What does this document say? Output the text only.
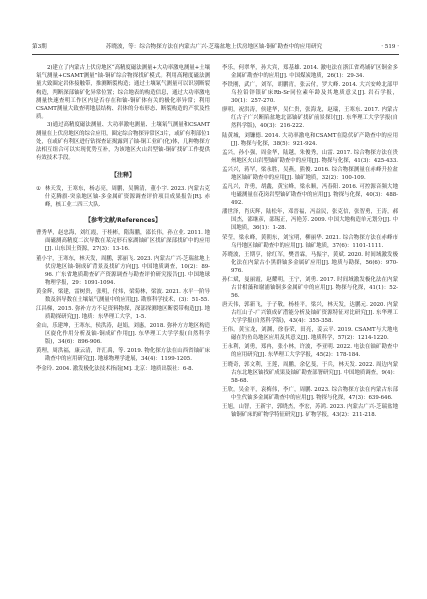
第3期	苏晓波，等：综合物探方法在内蒙古广兴-芝瑞盆地上伏房地区铀-铜矿勘查中的应用研究	· 519 ·

2)建立了内蒙古上伏房地区“高精度磁法测量+大功率激电测量+土壤氡气测量+CSAMT测量”铀-铜矿综合物探找矿模式。利用高精度磁法测量大致圈定岩体接触带，推测断裂构造；通过土壤氡气测量可以识别断裂构造，判断深部铀矿化异常位置；综合地表的构造信息，通过大功率激电测量快速查明工作区内是否存在和铀-铜矿体有关的极化率异常；利用CSAMT测量大致查明地层结构、岩体的分布形态、断裂构造的产状及性质。

3)通过高精度磁法测量、大功率激电测量、土壤氡气测量和CSAMT测量在上伏房地区的综合应用，圈定综合物探异常区3片，或矿有利部位1处，在或矿有利区进行钻探查证揭露到了铀-铜工业矿(化)体，几种物探方法相互组合可以实现优势互补，为该地区火山岩型铀-铜矿找矿工作提供有效技术手段。

【 注释 】
① 林天发，王寒东，杨志亮，周鹏，吴腾清，董小宇. 2023. 内蒙古克什克腾旗-突泉地区铀-多金属矿资源调查评价项目成果报告[R]. 赤峰，核工业二四三大队.
【 参考文献/References 】

曹秀华，赵忠海，刘红霞，于桂彬，隋海鹏，邵长伟，孙立业. 2011. 地面磁测高精度二次导数在某完形石家湖铀矿区找矿深部找矿中的应用[J]. 山东国土资源，27(3)：13-16.

董小宇，王寒东，林天发，周鹏，郭丽飞. 2023. 内蒙古广兴-芝瑞盆地上伏房地区铀-铜成矿背景及找矿方向[J]. 中国地质调查，10(2)：89-96. 广东省地质勘查矿产资源调查与勘查评价研究报告[J]. 中国地球物理学报，29：1091-1094.

黄金辉，梁建，雷树贵，张明，付炜，梁菊林，梁波. 2021. 水平一阶导数及斜导数在土壤氡气测量中的应用[J]. 勘察科学技术，(3)：51-55.

江昌梯，2015. 弥补方方不足资料物探，深部探测地区断裂带构造[J]. 地质勘探研究[J]. 地质：东华理工大学，1-5.

金山，乐建坤，王寒东，侯洪涛，赵娟，刘惠，2018. 弥补方方地区构造区旋化作用分析及铀-铜成矿作用[J]. 东华理工大学学报(自然科学版)，34(6)：896-906.

黄理，周洪福，康云清，许汇禹，等. 2019. 物化探方法在山西省铀矿床勘查中的应用研究[J]. 地球物理学进展，34(4)：1199-1205.

李金玲. 2004. 激发极化法技术指南[M]. 北京：地质出版社：6-8.

李乐，何翠华，孙大宾，郑基雄. 2014. 激电法在浙江省鸡铺矿区铜金多金属矿勘查中的应用[J]. 中国煤炭地质，26(1)：29-34.

李铁刚，武广，刘军，胡鹏宵，张云付，罗大峰. 2014. 大兴安岭北部甲乌拉铅锌银矿床Rb-Sr同位素年龄及其地质意义[J]. 岩石学报，30(1)：257-270.

廖明，祝洪涛，侯建华，吴仁贵，张海龙，赵瑞，王寒东. 2017. 内蒙古红古子广兴断陷盆地北部铀矿找矿前景探讨[J]. 东华理工大学学报(自然科学版)，40(3)：216-222.

陆黄城，刘镰德. 2014. 大功率激电和CSAMT在隐伏矿产勘查中的应用[J]. 物探与化探，38(5)：921-924.

孟兴，孙小强，周金华，陆越，朱俊秀，山雷. 2017. 综合物探方法在贵州地区火山岩型铀矿勘查中的应用[J]. 物探与化探，41(3)：425-433.

孟兴兴，蒋罕，梁永胜，吴燕，熊俊. 2016. 综合物探测量在赤峰升拉盆地区铀矿勘查中的应用[J]. 铀矿地质，32(2)：100-109.

孟凡兴，许勇，胡鑫，黄宝峰，梁永顺，冯春阳. 2016. 可控源音频大地电磁测量在花岗岩型铀矿勘查中的应用[J]. 物探与化探，40(3)：488-492.

潘世泽，肖庆辉，陆松年，邓晋福，冯益民，张克信，张智勇，王涛，郝国杰，邵继彦，邵锡正，冯艳芳. 2009. 中国大地构造单元划分[J]. 中国地质，36(1)：1-28.

荣莹，梁永峰，黄朝东，刘宝明，柳丽华. 2021. 综合物探方法在赤峰市乌丹地区铀矿勘查中的应用[J]. 铀矿地质，37(6)：1101-1111.

苏晓波，王期亨，徐红军，樊晋霖，马振宇，黄斌. 2020. 时间域激发极化法在内蒙古小黑群铀多金属矿应用[J]. 地质与勘探，56(6)：970-976.

孙仁斌，曼丽霞，赵耀明，王宁，刘勇. 2017. 时间域激发极化法在内蒙古甘柑藻和谢浦铀铜多金属矿中的应用[J]. 物探与化探，41(1)：52-56.

唐天伟，郭新飞，于子敬，杨桂平，梁兴，林天发，达鹏元. 2020. 内蒙古红山子-广兴镇成矿潜能分析及铀矿资源特征对比研究[J]. 东华理工大学学报(自然科学版)，43(4)：355-358.

王伟，黄宝龙，刘渊，徐春荣，田亮，姜云平. 2019. CSAMT与大地电磁在钓鱼岛地区应用及其意义[J]. 地质科学，57(2)：1214-1220.

王永利，刘勇，郑冉，张小林，许波，李亚明. 2022. 电法在铀矿勘查中的应用研究[J]. 东华理工大学学报，45(2)：178-184.

王晓奇，郭文利，王莲，周鹏，余亿斐，于兵，林天发. 2022. 周边内蒙古东北地区铀找矿成果及铀矿勘查部署研究[J]. 中国地质调查，9(4)：58-68.

王欣，吴金平，袁梅伟，李广，周鹏. 2023. 综合物探方法在内蒙古东部中生代铀多金属矿勘查中的应用[J]. 物探与化探，47(3)：639-646.

王旭，山智，王新宇，郭晓杰，李宏，苏鸿. 2023. 内蒙古广兴-芝瑞盆地铀铜矿床的矿物学特征研究[J]. 矿物学报，43(2)：211-218.
